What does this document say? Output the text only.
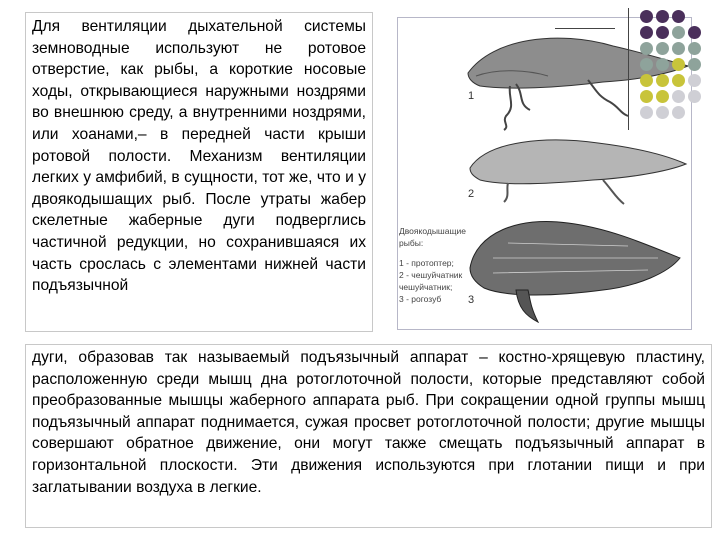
Для вентиляции дыхательной системы земноводные используют не ротовое отверстие, как рыбы, а короткие носовые ходы, открывающиеся наружными ноздрями во внешнюю среду, а внутренними ноздрями, или хоанами,– в передней части крыши ротовой полости. Механизм вентиляции легких у амфибий, в сущности, тот же, что и у двоякодышащих рыб. После утраты жабер скелетные жаберные дуги подверглись частичной редукции, но сохранившаяся их часть срослась с элементами нижней части подъязычной
1
2
3
Двоякодышащие
рыбы:
1 - протоптер;
2 - чешуйчатник
чешуйчатник;
3 - рогозуб
дуги, образовав так называемый подъязычный аппарат – костно-хрящевую пластину, расположенную среди мышц дна ротоглоточной полости, которые представляют собой преобразованные мышцы жаберного аппарата рыб. При сокращении одной группы мышц подъязычный аппарат поднимается, сужая просвет ротоглоточной полости; другие мышцы совершают обратное движение, они могут также смещать подъязычный аппарат в горизонтальной плоскости. Эти движения используются при глотании пищи и при заглатывании воздуха в легкие.
